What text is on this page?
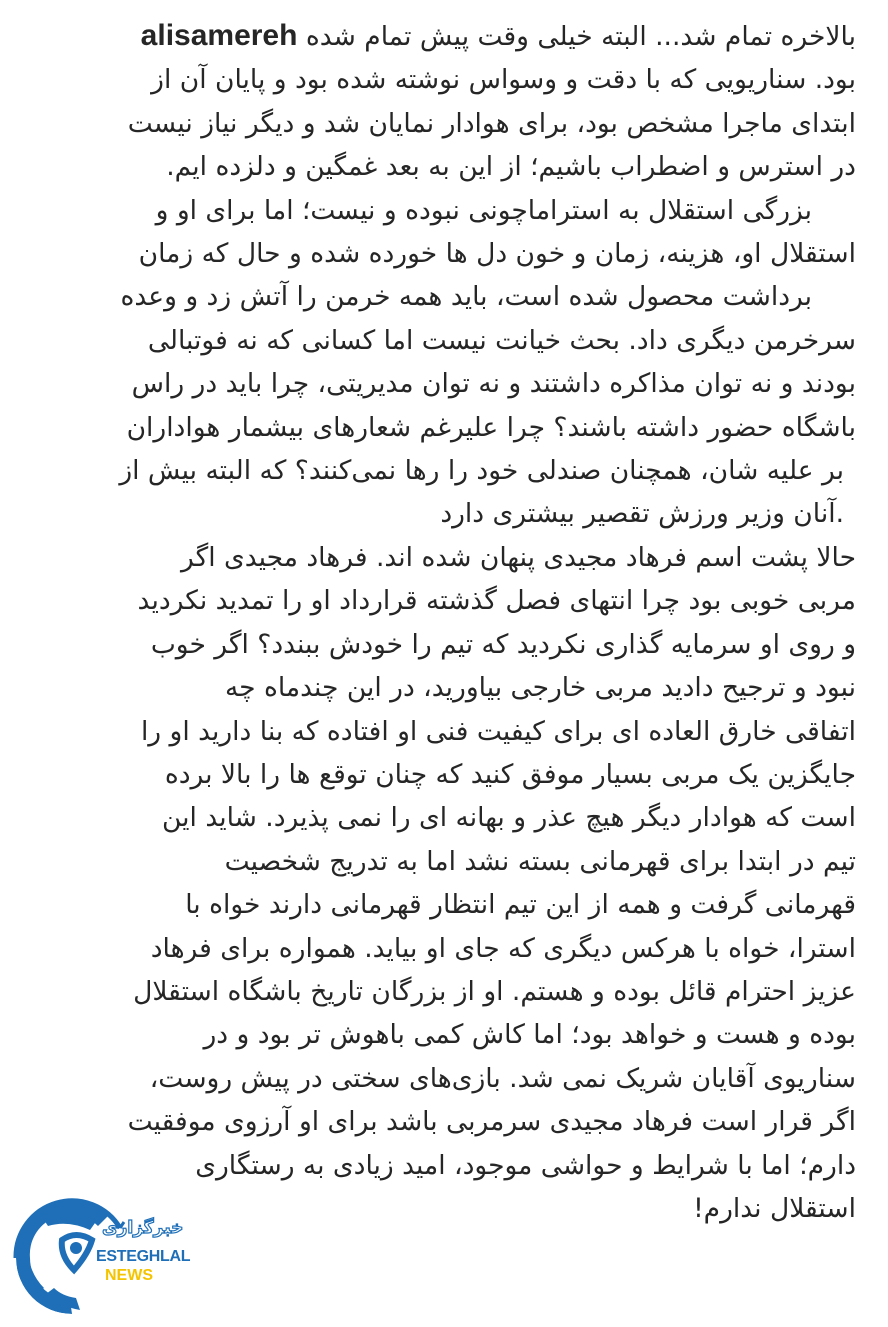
بالاخره تمام شد... البته خیلی وقت پیش تمام شده alisamereh
بود. سناریویی که با دقت و وسواس نوشته شده بود و پایان آن از
ابتدای ماجرا مشخص بود، برای هوادار نمایان شد و دیگر نیاز نیست
در استرس و اضطراب باشیم؛ از این به بعد غمگین و دلزده ایم.
بزرگی استقلال به استراماچونی نبوده و نیست؛ اما برای او و
استقلال او، هزینه، زمان و خون دل ها خورده شده و حال که زمان
برداشت محصول شده است، باید همه خرمن را آتش زد و وعده
سرخرمن دیگری داد. بحث خیانت نیست اما کسانی که نه فوتبالی
بودند و نه توان مذاکره داشتند و نه توان مدیریتی، چرا باید در راس
باشگاه حضور داشته باشند؟ چرا علیرغم شعارهای بیشمار هواداران
بر علیه شان، همچنان صندلی خود را رها نمی‌کنند؟ که البته بیش از
.آنان وزیر ورزش تقصیر بیشتری دارد
حالا پشت اسم فرهاد مجیدی پنهان شده اند. فرهاد مجیدی اگر
مربی خوبی بود چرا انتهای فصل گذشته قرارداد او را تمدید نکردید
و روی او سرمایه گذاری نکردید که تیم را خودش ببندد؟ اگر خوب
نبود و ترجیح دادید مربی خارجی بیاورید، در این چندماه چه
اتفاقی خارق العاده ای برای کیفیت فنی او افتاده که بنا دارید او را
جایگزین یک مربی بسیار موفق کنید که چنان توقع ها را بالا برده
است که هوادار دیگر هیچ عذر و بهانه ای را نمی پذیرد. شاید این
تیم در ابتدا برای قهرمانی بسته نشد اما به تدریج شخصیت
قهرمانی گرفت و همه از این تیم انتظار قهرمانی دارند خواه با
استرا، خواه با هرکس دیگری که جای او بیاید. همواره برای فرهاد
عزیز احترام قائل بوده و هستم. او از بزرگان تاریخ باشگاه استقلال
بوده و هست و خواهد بود؛ اما کاش کمی باهوش تر بود و در
سناریوی آقایان شریک نمی شد. بازی‌های سختی در پیش روست،
اگر قرار است فرهاد مجیدی سرمربی باشد برای او آرزوی موفقیت
دارم؛ اما با شرایط و حواشی موجود، امید زیادی به رستگاری
استقلال ندارم!
خبرگزاری
ESTEGHLAL
NEWS
